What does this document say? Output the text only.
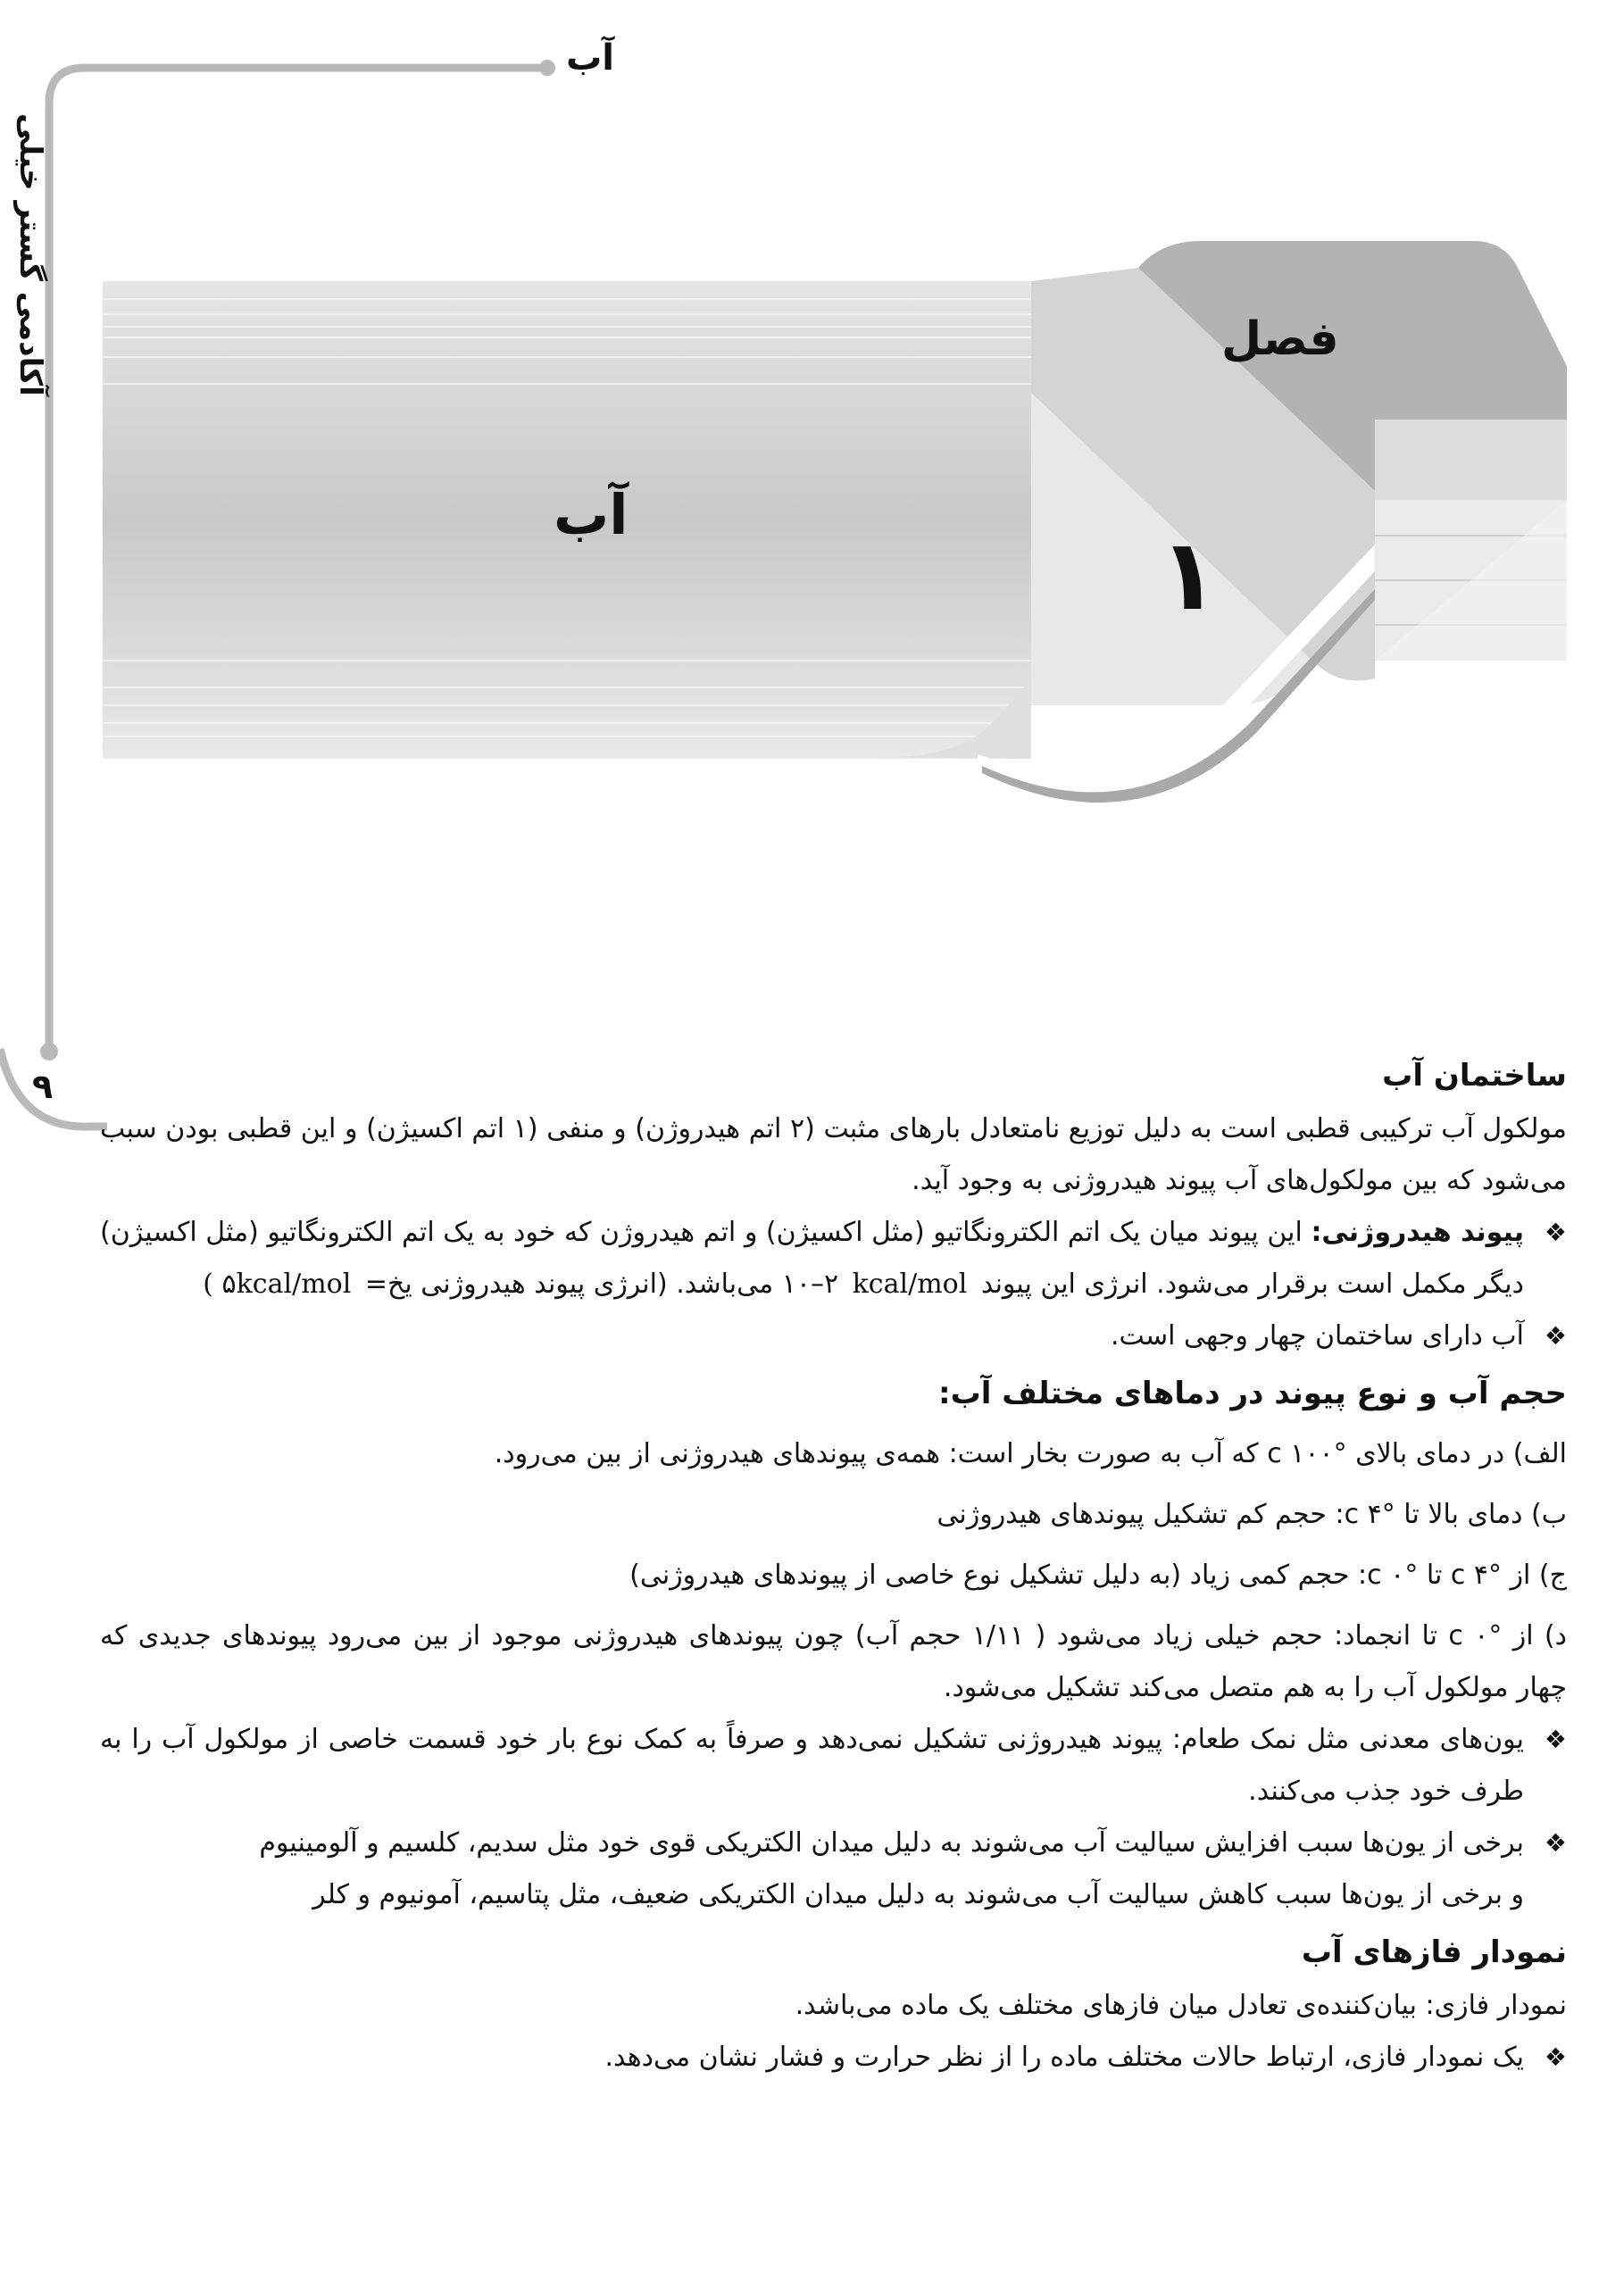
آب
آکادمی گستر خیلی
۹
فصل
۱
آب
ساختمان آب

مولکول آب ترکیبی قطبی است به دلیل توزیع نامتعادل بارهای مثبت (۲ اتم هیدروژن) و منفی (۱ اتم اکسیژن) و این قطبی بودن سبب می‌شود که بین مولکول‌های آب پیوند هیدروژنی به وجود آید.

❖
پیوند هیدروژنی: این پیوند میان یک اتم الکترونگاتیو (مثل اکسیژن) و اتم هیدروژن که خود به یک اتم الکترونگاتیو (مثل اکسیژن) دیگر مکمل است برقرار می‌شود. انرژی این پیوند kcal/mol ۲–۱۰ می‌باشد. (انرژی پیوند هیدروژنی یخ= ۵kcal/mol )
❖
آب دارای ساختمان چهار وجهی است.
حجم آب و نوع پیوند در دماهای مختلف آب:

الف) در دمای بالای °c ۱۰۰ که آب به صورت بخار است: همه‌ی پیوندهای هیدروژنی از بین می‌رود.

ب) دمای بالا تا °c ۴: حجم کم تشکیل پیوندهای هیدروژنی

ج) از °c ۴ تا °c ۰: حجم کمی زیاد (به دلیل تشکیل نوع خاصی از پیوندهای هیدروژنی)

د) از °c ۰ تا انجماد: حجم خیلی زیاد می‌شود ( ۱/۱۱ حجم آب) چون پیوندهای هیدروژنی موجود از بین می‌رود پیوندهای جدیدی که چهار مولکول آب را به هم متصل می‌کند تشکیل می‌شود.

❖
یون‌های معدنی مثل نمک طعام: پیوند هیدروژنی تشکیل نمی‌دهد و صرفاً به کمک نوع بار خود قسمت خاصی از مولکول آب را به طرف خود جذب می‌کنند.
❖
برخی از یون‌ها سبب افزایش سیالیت آب می‌شوند به دلیل میدان الکتریکی قوی خود مثل سدیم، کلسیم و آلومینیوم

و برخی از یون‌ها سبب کاهش سیالیت آب می‌شوند به دلیل میدان الکتریکی ضعیف، مثل پتاسیم، آمونیوم و کلر

نمودار فازهای آب

نمودار فازی: بیان‌کننده‌ی تعادل میان فازهای مختلف یک ماده می‌باشد.

❖
یک نمودار فازی، ارتباط حالات مختلف ماده را از نظر حرارت و فشار نشان می‌دهد.
